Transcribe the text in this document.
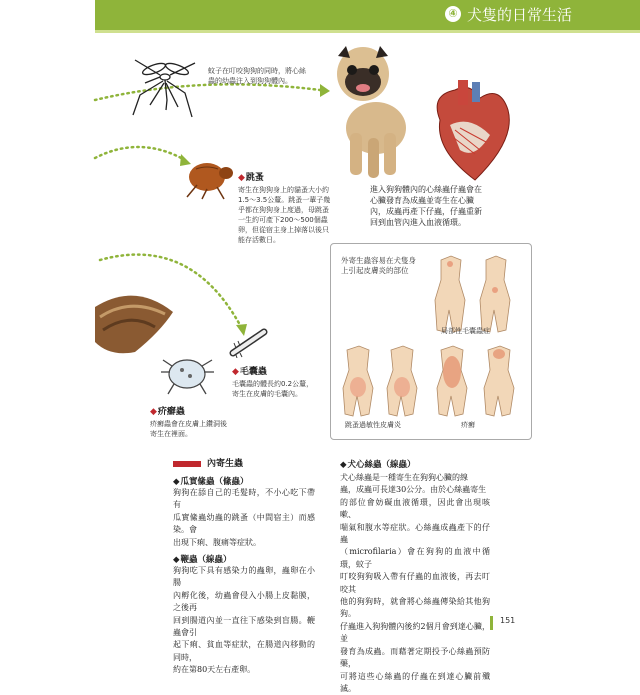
④ 犬隻的日常生活
蚊子在叮咬狗狗的同時，將心絲
蟲的幼蟲注入到狗狗體內。
◆ 跳蚤
寄生在狗狗身上的貓蚤大小約
1.5～3.5公釐。跳蚤一輩子幾
乎都在狗狗身上度過，母跳蚤
一生約可產下200～500個蟲
卵，但從宿主身上掉落以後只
能存活數日。
進入狗狗體內的心絲蟲仔蟲會在
心臟發育為成蟲並寄生在心臟
內，成蟲再產下仔蟲，仔蟲重新
回到血管內進入血液循環。
◆ 毛囊蟲
毛囊蟲的體長約0.2公釐，
寄生在皮膚的毛囊內。
◆ 疥癬蟲
疥癬蟲會在皮膚上鑽洞後
寄生在裡面。
外寄生蟲容易在犬隻身
上引起皮膚炎的部位
局部性毛囊蟲症
跳蚤過敏性皮膚炎	疥癬
內寄生蟲
◆ 瓜實絛蟲（絛蟲）
狗狗在舔自己的毛髮時，不小心吃下帶有
瓜實絛蟲幼蟲的跳蚤（中間宿主）而感染。會
出現下痢、腹痛等症狀。
◆ 鞭蟲（線蟲）
狗狗吃下具有感染力的蟲卵，蟲卵在小腸
內孵化後，幼蟲會侵入小腸上皮黏膜，之後再
回到腸道內並一直往下感染到盲腸。鞭蟲會引
起下痢、貧血等症狀，在腸道內移動的同時，
約在第80天左右產卵。
◆ 犬心絲蟲（線蟲）
犬心絲蟲是一種寄生在狗狗心臟的線
蟲，成蟲可長達30公分。由於心絲蟲寄生
的部位會妨礙血液循環，因此會出現咳嗽、
喘氣和腹水等症狀。心絲蟲成蟲產下的仔蟲
（microfilaria）會在狗狗的血液中循環，蚊子
叮咬狗狗吸入帶有仔蟲的血液後，再去叮咬其
他的狗狗時，就會將心絲蟲傳染給其他狗狗。
仔蟲進入狗狗體內後約2個月會到達心臟，並
發育為成蟲。而藉著定期投予心絲蟲預防藥，
可將這些心絲蟲的仔蟲在到達心臟前殲滅。
151
